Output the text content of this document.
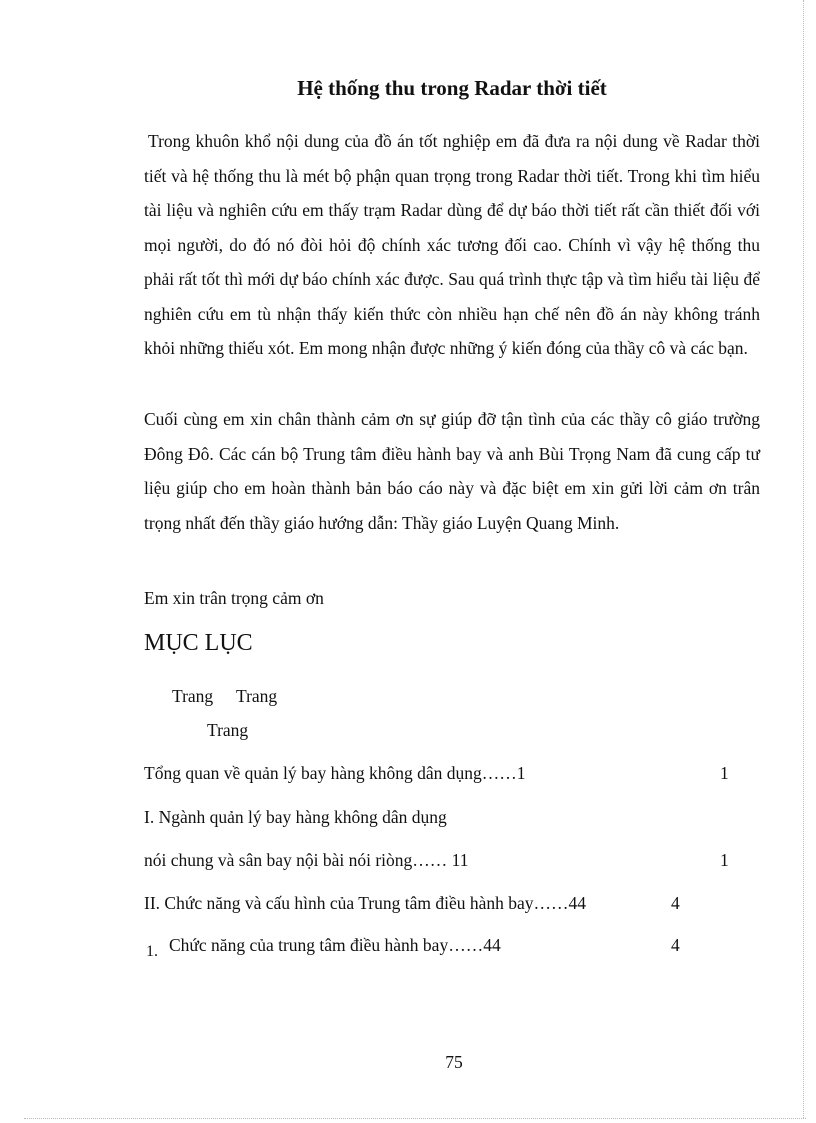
Hệ thống thu trong Radar thời tiết

Trong khuôn khổ nội dung của đồ án tốt nghiệp em đã đưa ra nội dung về Radar thời tiết và hệ thống thu là mét bộ phận quan trọng trong Radar thời tiết. Trong khi tìm hiểu tài liệu và nghiên cứu em thấy trạm Radar dùng để dự báo thời tiết rất cần thiết đối với mọi người, do đó nó đòi hỏi độ chính xác tương đối cao. Chính vì vậy hệ thống thu phải rất tốt thì mới dự báo chính xác được. Sau quá trình thực tập và tìm hiểu tài liệu để nghiên cứu em tù nhận thấy kiến thức còn nhiều hạn chế nên đồ án này không tránh khỏi những thiếu xót. Em mong nhận được những ý kiến đóng của thầy cô và các bạn.

Cuối cùng em xin chân thành cảm ơn sự giúp đỡ tận tình của các thầy cô giáo trường Đông Đô. Các cán bộ Trung tâm điều hành bay và anh Bùi Trọng Nam đã cung cấp tư liệu giúp cho em hoàn thành bản báo cáo này và đặc biệt em xin gửi lời cảm ơn trân trọng nhất đến thầy giáo hướng dẫn: Thầy giáo Luyện Quang Minh.

Em xin trân trọng cảm ơn
MỤC LỤC
Trang Trang
Trang
Tổng quan về quản lý bay hàng không dân dụng……1	1
I. Ngành quản lý bay hàng không dân dụng
nói chung và sân bay nội bài nói riòng…… 11	1
II. Chức năng và cấu hình của Trung tâm điều hành bay……44	4
1. Chức năng của trung tâm điều hành bay……44	4
75
